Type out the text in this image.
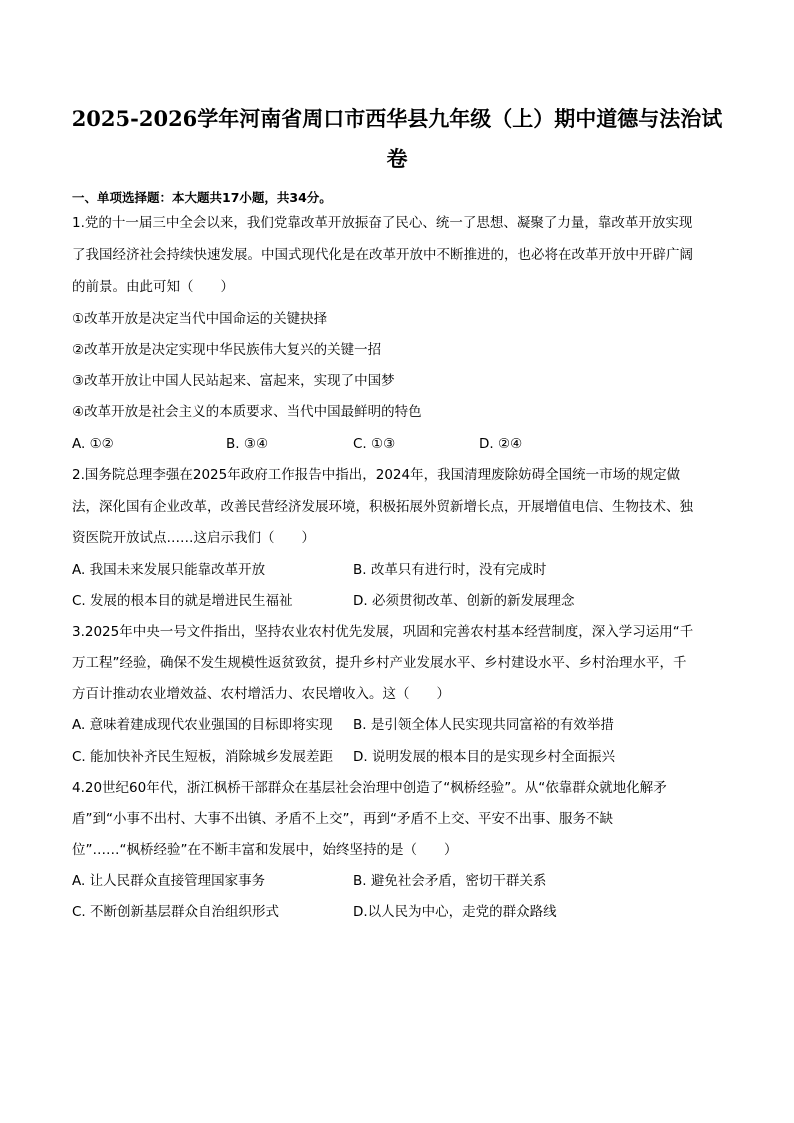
2025-2026学年河南省周口市西华县九年级（上）期中道德与法治试
卷
一、单项选择题：本大题共17小题，共34分。
1.党的十一届三中全会以来，我们党靠改革开放振奋了民心、统一了思想、凝聚了力量，靠改革开放实现
了我国经济社会持续快速发展。中国式现代化是在改革开放中不断推进的，也必将在改革开放中开辟广阔
的前景。由此可知（　　）
①改革开放是决定当代中国命运的关键抉择
②改革开放是决定实现中华民族伟大复兴的关键一招
③改革开放让中国人民站起来、富起来，实现了中国梦
④改革开放是社会主义的本质要求、当代中国最鲜明的特色
A. ①②	B. ③④	C. ①③	D. ②④
2.国务院总理李强在2025年政府工作报告中指出，2024年，我国清理废除妨碍全国统一市场的规定做
法，深化国有企业改革，改善民营经济发展环境，积极拓展外贸新增长点，开展增值电信、生物技术、独
资医院开放试点……这启示我们（　　）
A. 我国未来发展只能靠改革开放	B. 改革只有进行时，没有完成时
C. 发展的根本目的就是增进民生福祉	D. 必须贯彻改革、创新的新发展理念
3.2025年中央一号文件指出，坚持农业农村优先发展，巩固和完善农村基本经营制度，深入学习运用“千
万工程”经验，确保不发生规模性返贫致贫，提升乡村产业发展水平、乡村建设水平、乡村治理水平，千
方百计推动农业增效益、农村增活力、农民增收入。这（　　）
A. 意味着建成现代农业强国的目标即将实现 B. 是引领全体人民实现共同富裕的有效举措
C. 能加快补齐民生短板，消除城乡发展差距 D. 说明发展的根本目的是实现乡村全面振兴
4.20世纪60年代，浙江枫桥干部群众在基层社会治理中创造了“枫桥经验”。从“依靠群众就地化解矛
盾”到“小事不出村、大事不出镇、矛盾不上交”，再到“矛盾不上交、平安不出事、服务不缺
位”……“枫桥经验”在不断丰富和发展中，始终坚持的是（　　）
A. 让人民群众直接管理国家事务	B. 避免社会矛盾，密切干群关系
C. 不断创新基层群众自治组织形式	D.以人民为中心，走党的群众路线
